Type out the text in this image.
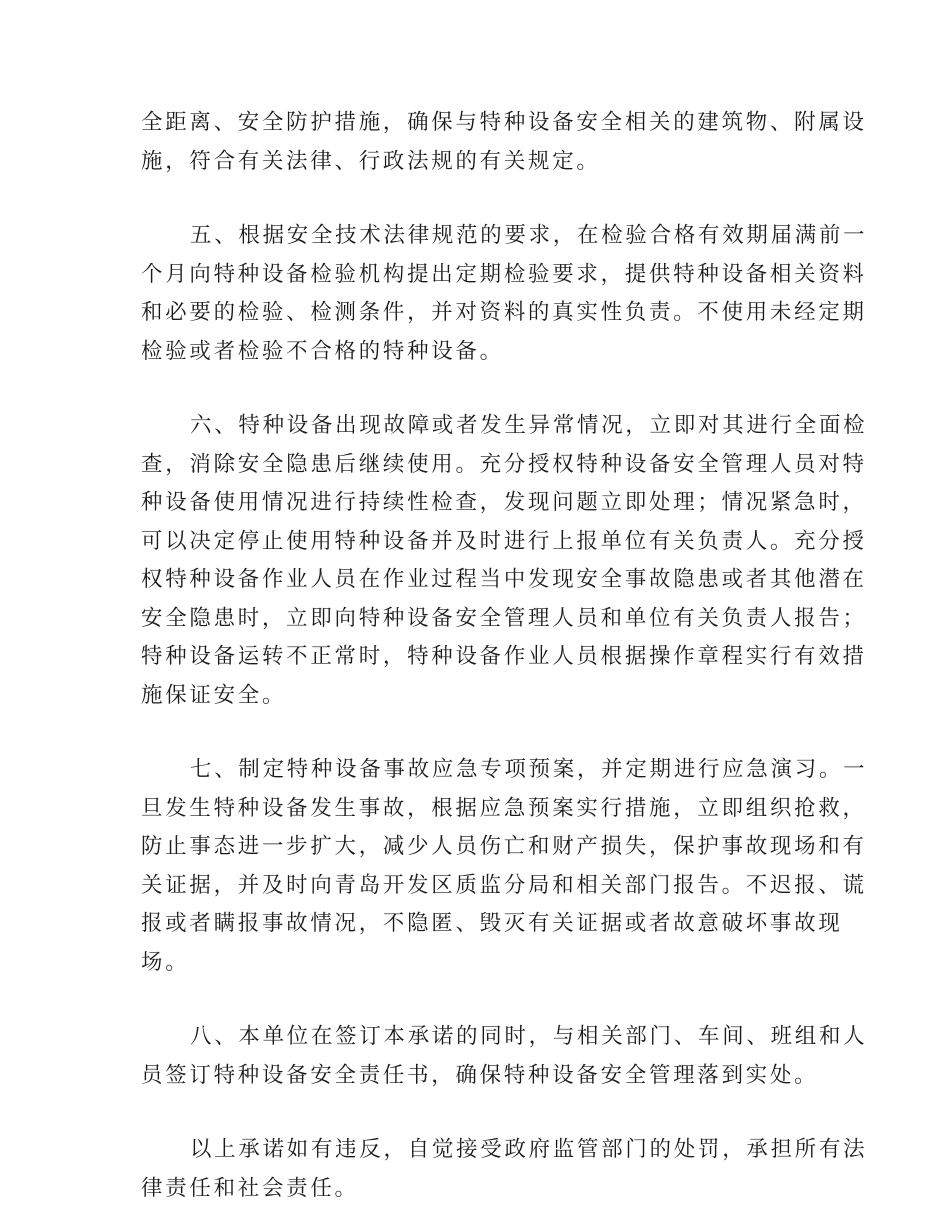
全距离、安全防护措施，确保与特种设备安全相关的建筑物、附属设
施，符合有关法律、行政法规的有关规定。
五、根据安全技术法律规范的要求，在检验合格有效期届满前一
个月向特种设备检验机构提出定期检验要求，提供特种设备相关资料
和必要的检验、检测条件，并对资料的真实性负责。不使用未经定期
检验或者检验不合格的特种设备。
六、特种设备出现故障或者发生异常情况，立即对其进行全面检
查，消除安全隐患后继续使用。充分授权特种设备安全管理人员对特
种设备使用情况进行持续性检查，发现问题立即处理；情况紧急时，
可以决定停止使用特种设备并及时进行上报单位有关负责人。充分授
权特种设备作业人员在作业过程当中发现安全事故隐患或者其他潜在
安全隐患时，立即向特种设备安全管理人员和单位有关负责人报告；
特种设备运转不正常时，特种设备作业人员根据操作章程实行有效措
施保证安全。
七、制定特种设备事故应急专项预案，并定期进行应急演习。一
旦发生特种设备发生事故，根据应急预案实行措施，立即组织抢救，
防止事态进一步扩大，减少人员伤亡和财产损失，保护事故现场和有
关证据，并及时向青岛开发区质监分局和相关部门报告。不迟报、谎
报或者瞒报事故情况，不隐匿、毁灭有关证据或者故意破坏事故现
场。
八、本单位在签订本承诺的同时，与相关部门、车间、班组和人
员签订特种设备安全责任书，确保特种设备安全管理落到实处。
以上承诺如有违反，自觉接受政府监管部门的处罚，承担所有法
律责任和社会责任。
